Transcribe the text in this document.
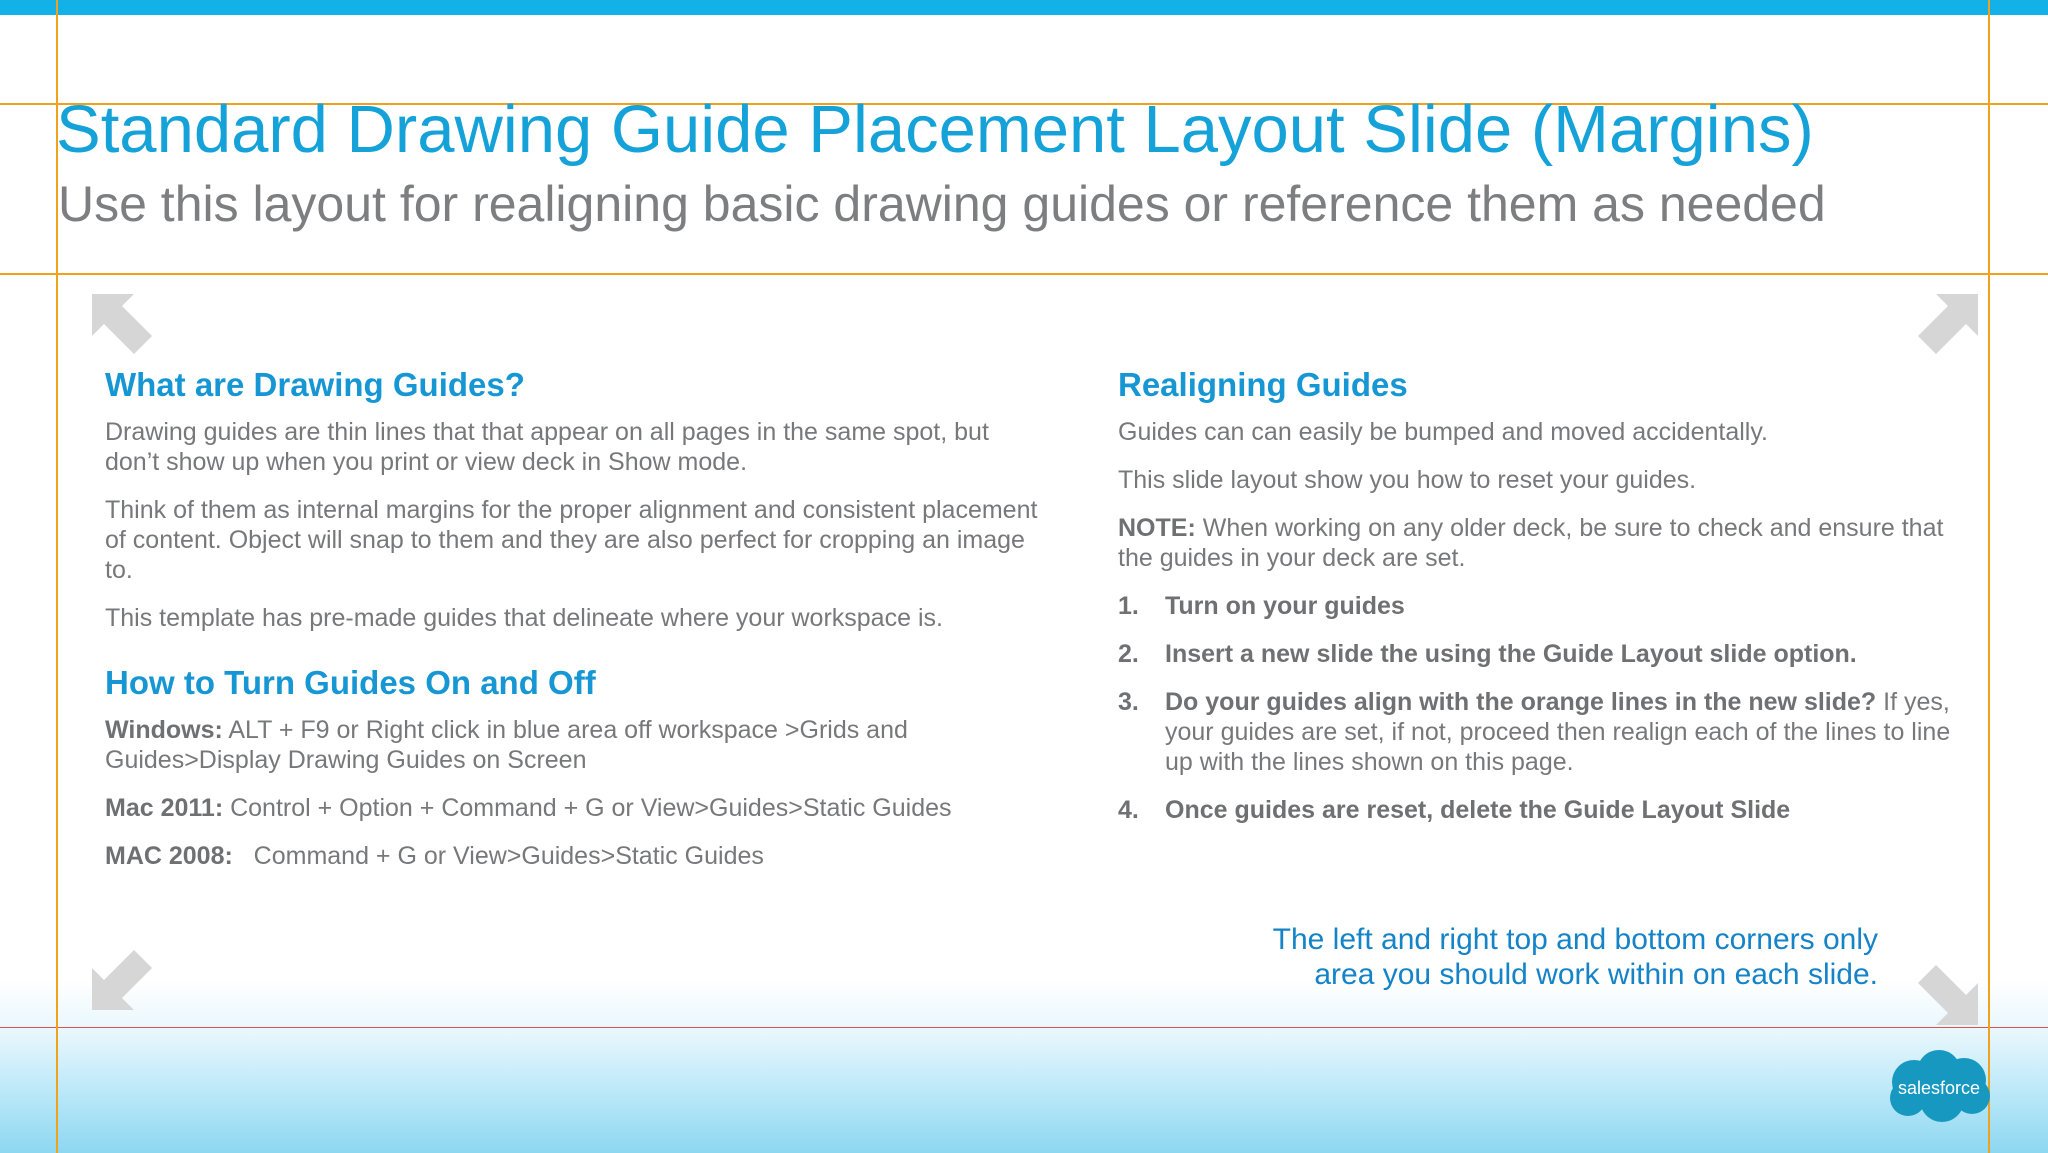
Standard Drawing Guide Placement Layout Slide (Margins)
Use this layout for realigning basic drawing guides or reference them as needed
What are Drawing Guides?
Drawing guides are thin lines that that appear on all pages in the same spot, but don’t show up when you print or view deck in Show mode.
Think of them as internal margins for the proper alignment and consistent placement of content. Object will snap to them and they are also perfect for cropping an image to.
This template has pre-made guides that delineate where your workspace is.
How to Turn Guides On and Off
Windows: ALT + F9 or Right click in blue area off workspace >Grids and Guides>Display Drawing Guides on Screen
Mac 2011: Control + Option + Command + G or View>Guides>Static Guides
MAC 2008:   Command + G or View>Guides>Static Guides
Realigning Guides
Guides can can easily be bumped and moved accidentally.
This slide layout show you how to reset your guides.
NOTE: When working on any older deck, be sure to check and ensure that the guides in your deck are set.
1. Turn on your guides
2. Insert a new slide the using the Guide Layout slide option.
3. Do your guides align with the orange lines in the new slide? If yes, your guides are set, if not, proceed then realign each of the lines to line up with the lines shown on this page.
4. Once guides are reset, delete the Guide Layout Slide
The left and right top and bottom corners only
area you should work within on each slide.
salesforce
